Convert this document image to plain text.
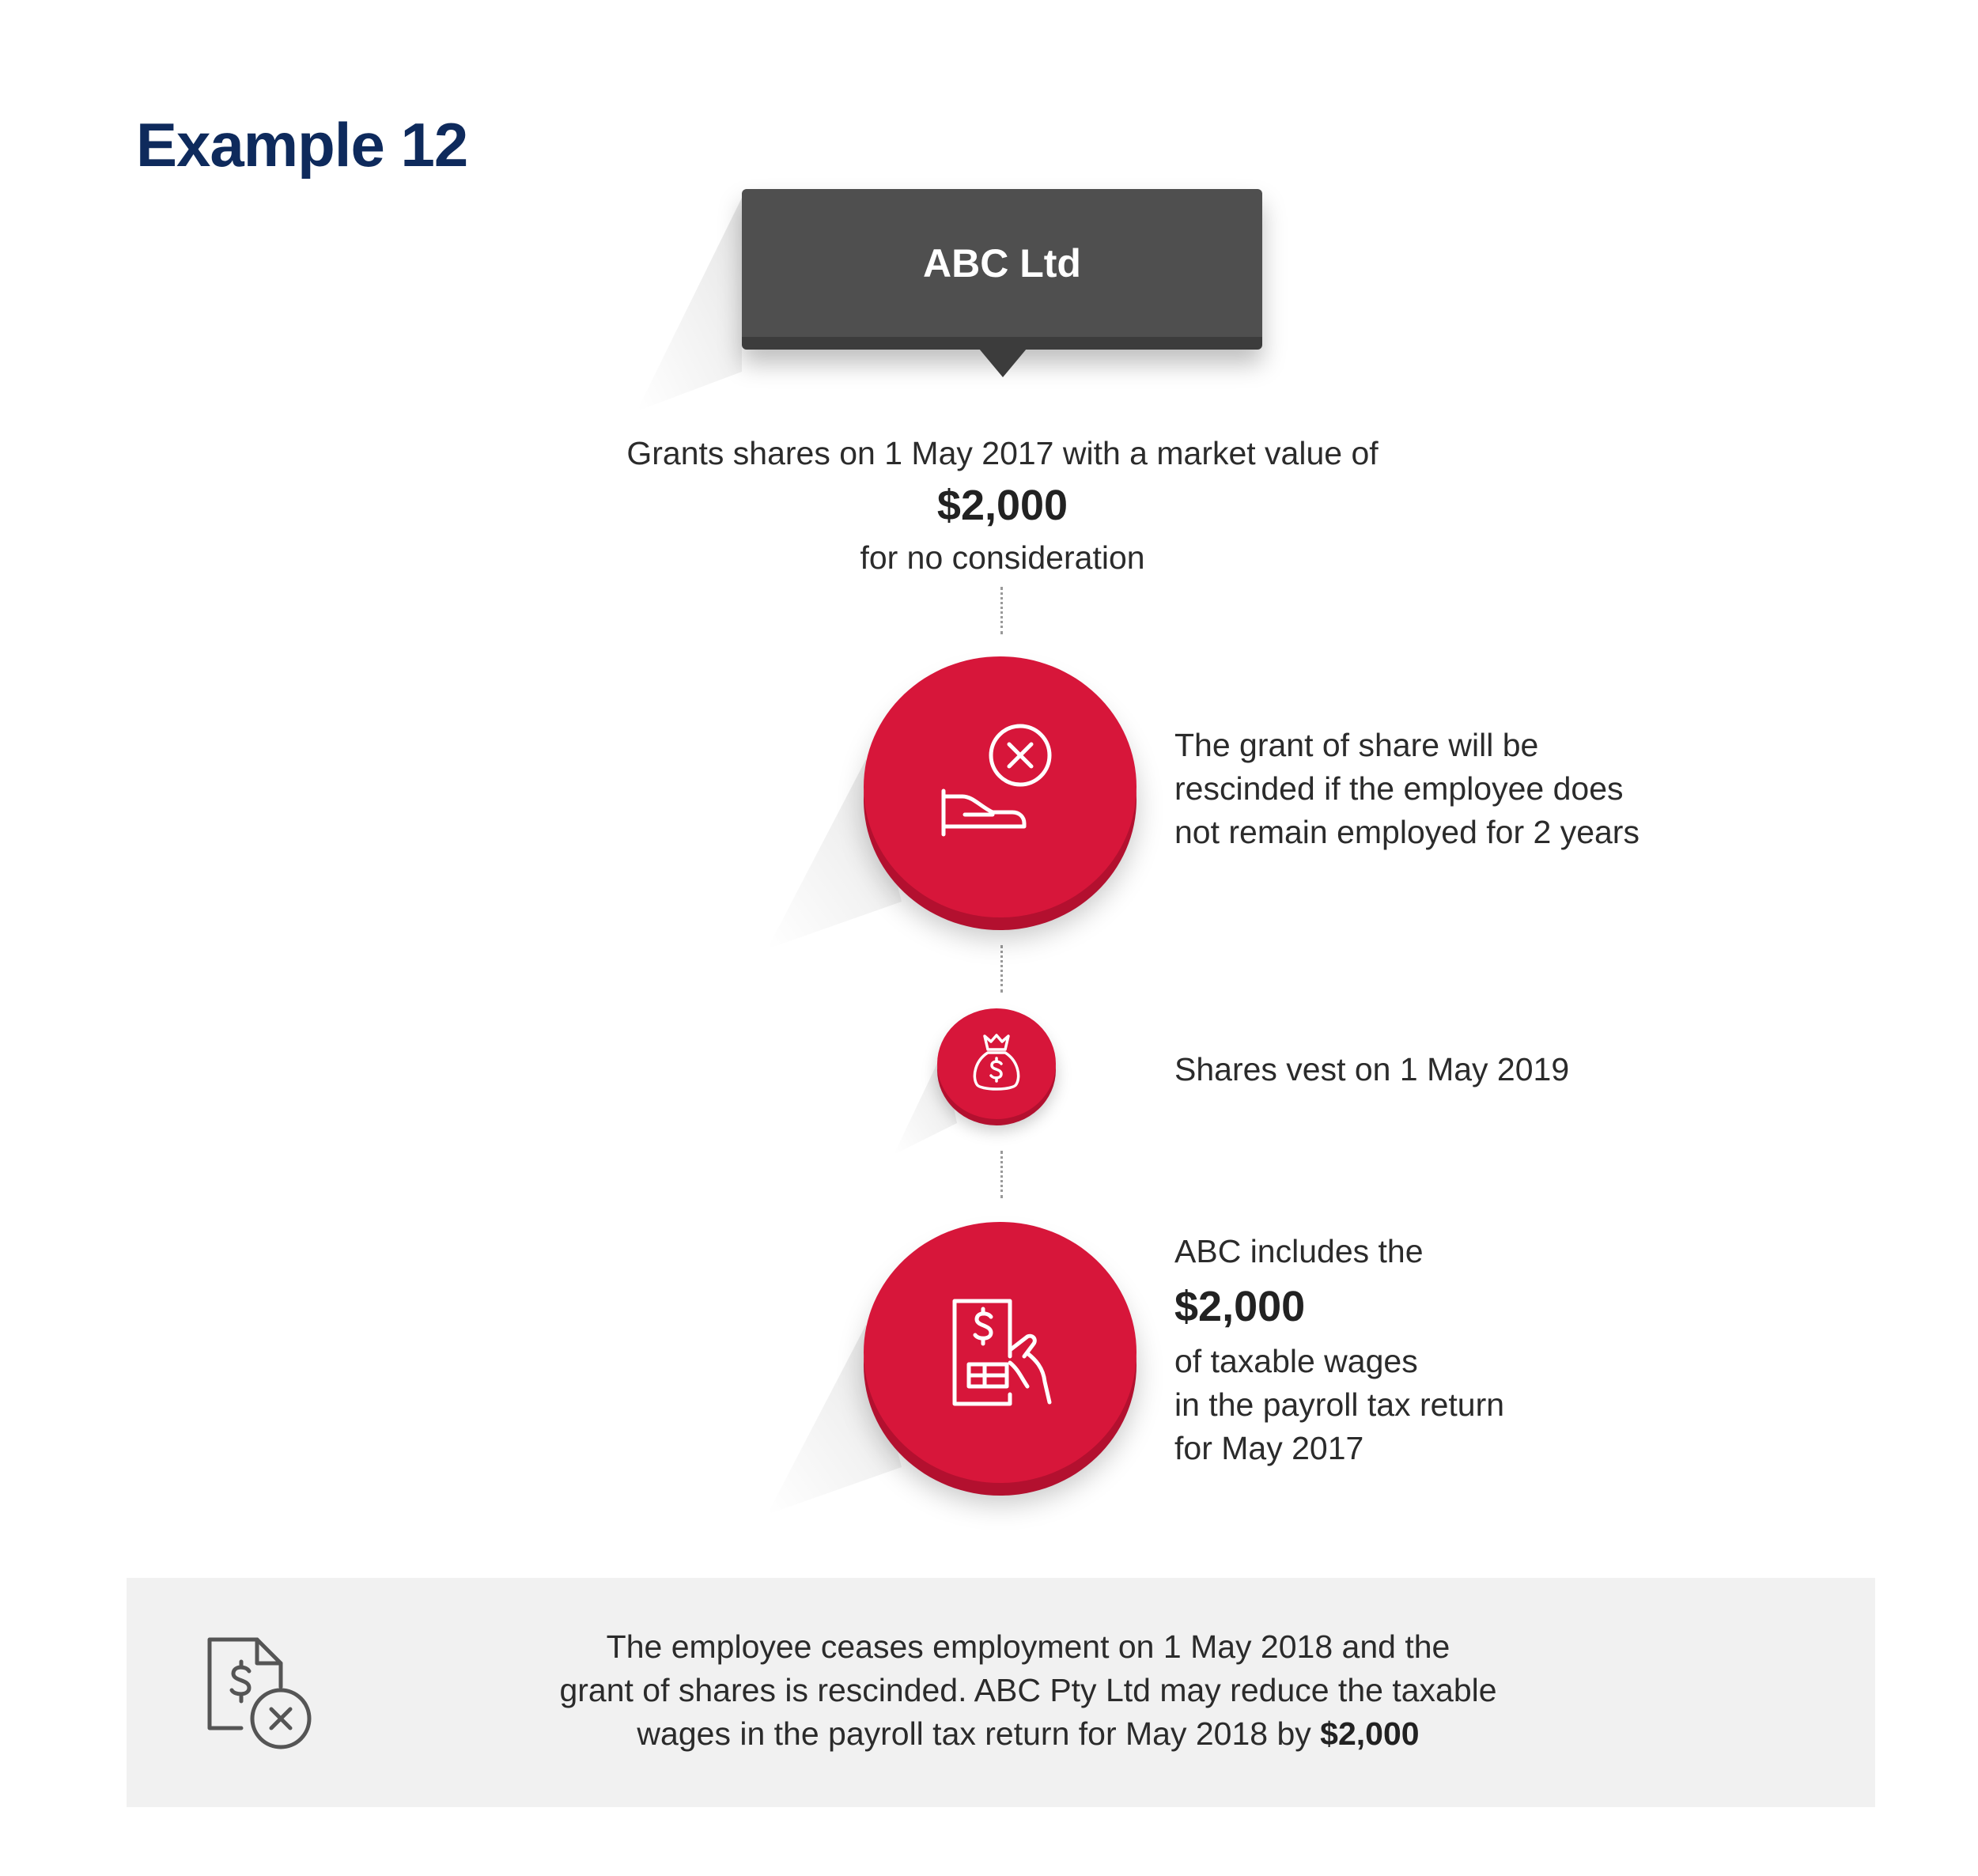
Example 12
ABC Ltd
Grants shares on 1 May 2017 with a market value of
$2,000
for no consideration
The grant of share will be
rescinded if the employee does
not remain employed for 2 years
Shares vest on 1 May 2019
ABC includes the
$2,000
of taxable wages
in the payroll tax return
for May 2017
The employee ceases employment on 1 May 2018 and the
grant of shares is rescinded. ABC Pty Ltd may reduce the taxable
wages in the payroll tax return for May 2018 by $2,000
